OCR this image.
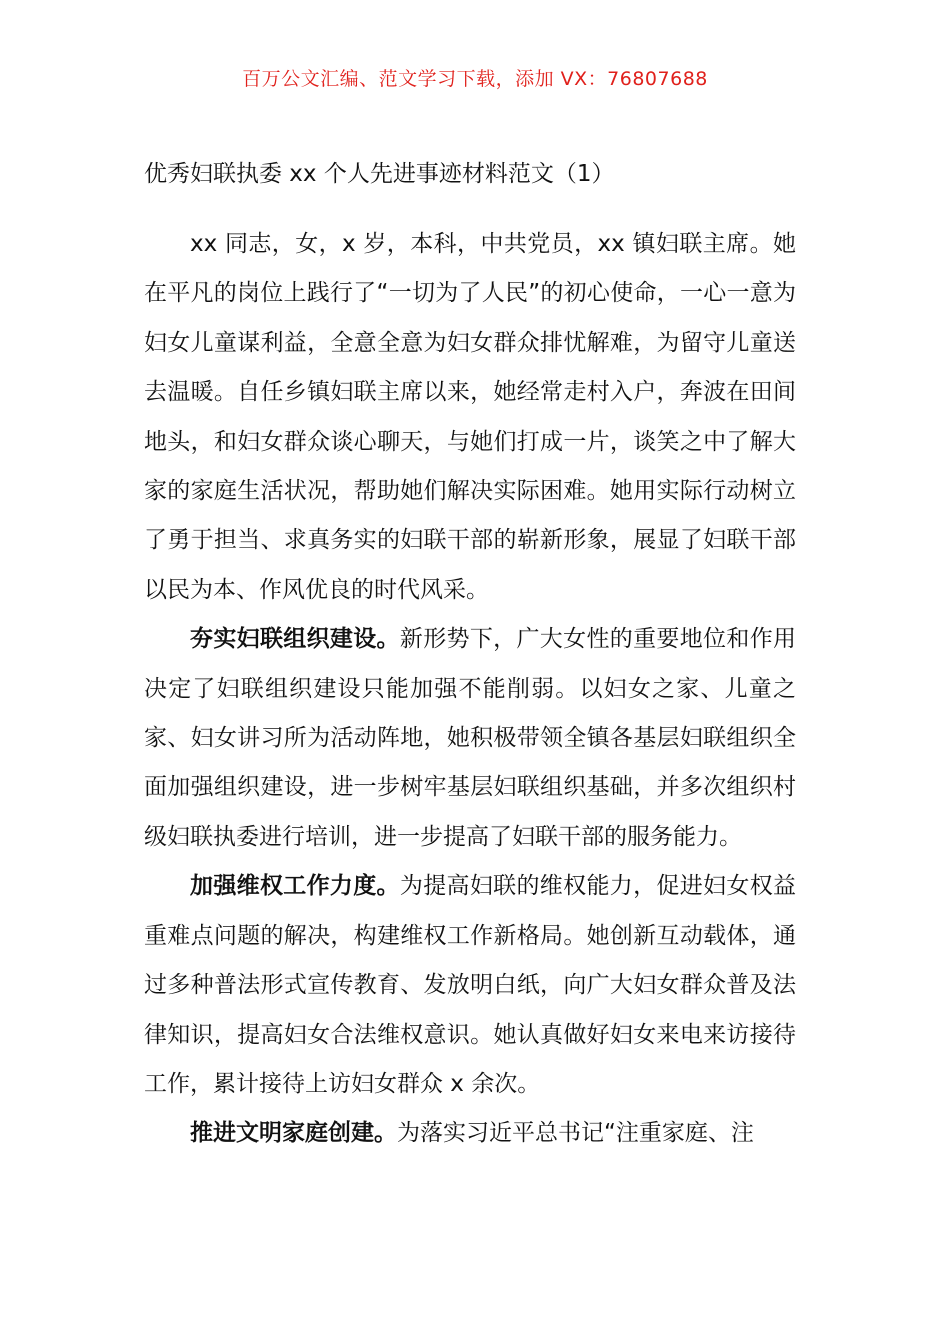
百万公文汇编、范文学习下载，添加 VX：76807688
优秀妇联执委 xx 个人先进事迹材料范文（1）

xx 同志，女，x 岁，本科，中共党员，xx 镇妇联主席。她在平凡的岗位上践行了“一切为了人民”的初心使命，一心一意为妇女儿童谋利益，全意全意为妇女群众排忧解难，为留守儿童送去温暖。自任乡镇妇联主席以来，她经常走村入户，奔波在田间地头，和妇女群众谈心聊天，与她们打成一片，谈笑之中了解大家的家庭生活状况，帮助她们解决实际困难。她用实际行动树立了勇于担当、求真务实的妇联干部的崭新形象，展显了妇联干部以民为本、作风优良的时代风采。

夯实妇联组织建设。新形势下，广大女性的重要地位和作用决定了妇联组织建设只能加强不能削弱。以妇女之家、儿童之家、妇女讲习所为活动阵地，她积极带领全镇各基层妇联组织全面加强组织建设，进一步树牢基层妇联组织基础，并多次组织村级妇联执委进行培训，进一步提高了妇联干部的服务能力。

加强维权工作力度。为提高妇联的维权能力，促进妇女权益重难点问题的解决，构建维权工作新格局。她创新互动载体，通过多种普法形式宣传教育、发放明白纸，向广大妇女群众普及法律知识，提高妇女合法维权意识。她认真做好妇女来电来访接待工作，累计接待上访妇女群众 x 余次。

推进文明家庭创建。为落实习近平总书记“注重家庭、注
